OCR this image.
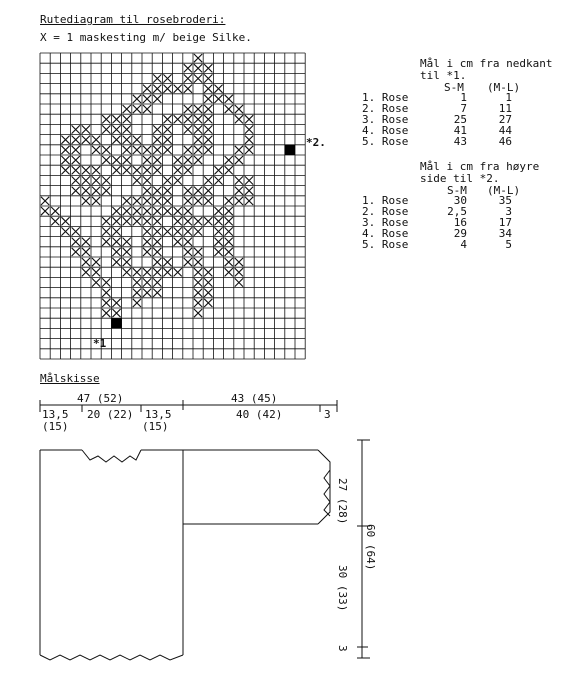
Rutediagram til rosebroderi:
X = 1 maskesting m/ beige Silke.
*1
*2.
Mål i cm fra nedkant
til *1.
S-M (M-L)
1. Rose	1	1
2. Rose	7	11
3. Rose	25	27
4. Rose	41	44
5. Rose	43	46
Mål i cm fra høyre
side til *2.
S-M (M-L)
1. Rose	30	35
2. Rose	2,5	3
3. Rose	16	17
4. Rose	29	34
5. Rose	4	5
Målskisse
47 (52)	43 (45)
13,5
(15)
20 (22) 13,5
(15)
40 (42)	3
27 (28)
60 (64)
30 (33)
3
